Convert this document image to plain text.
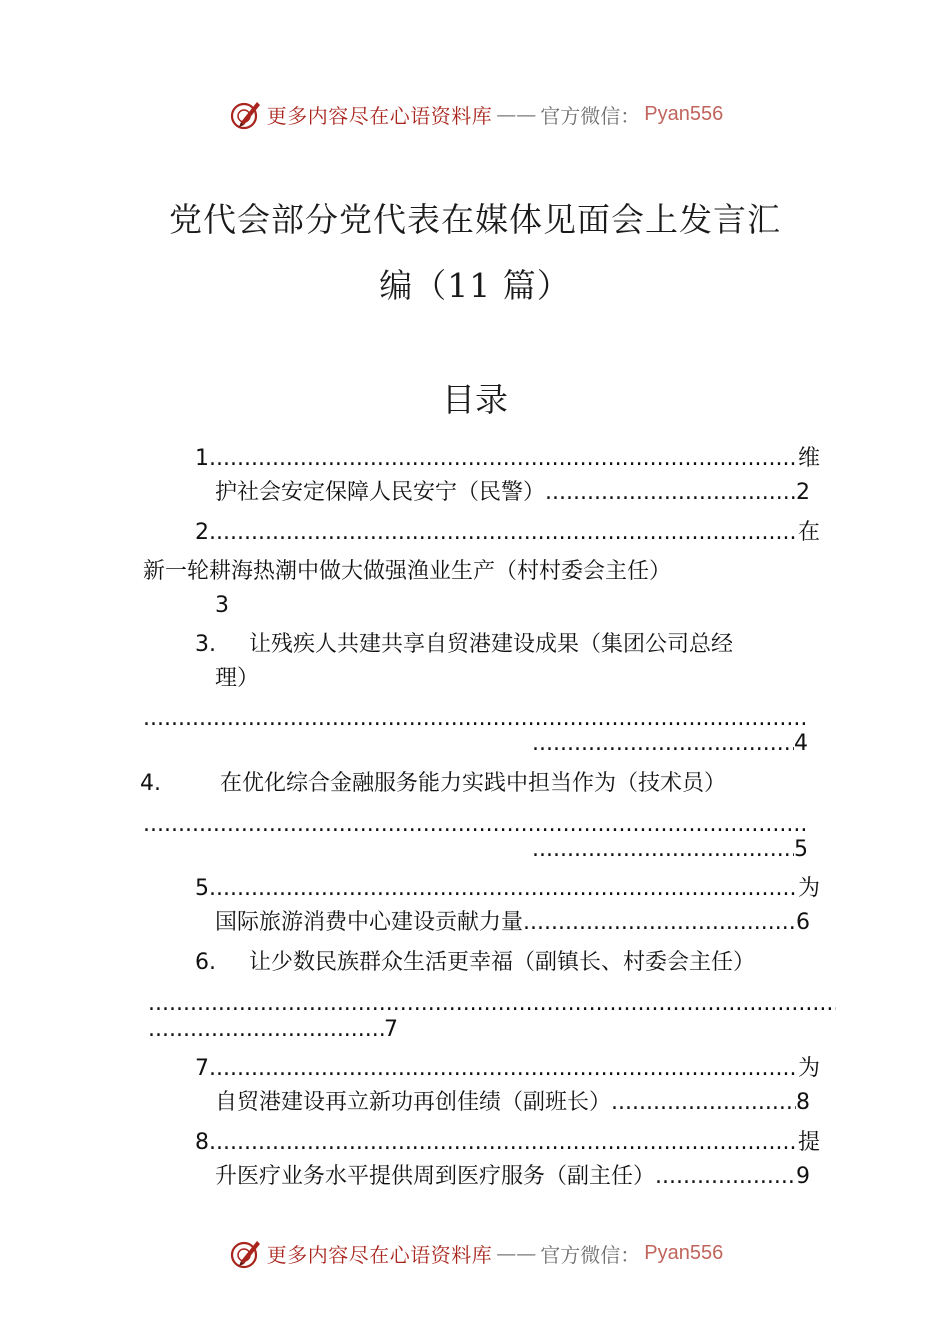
更多内容尽在心语资料库 —— 官方微信： Pyan556
党代会部分党代表在媒体见面会上发言汇
编（11 篇）
目录
1. .....	维
护社会安定保障人民安宁（民警） .....	2
2. .....	在
新一轮耕海热潮中做大做强渔业生产（村村委会主任）
3
3. 让残疾人共建共享自贸港建设成果（集团公司总经
理）
.....
.....
4
4.	在优化综合金融服务能力实践中担当作为（技术员）
.....
.....
5
5. .....	为
国际旅游消费中心建设贡献力量 .....	6
6. 让少数民族群众生活更幸福（副镇长、村委会主任）
.....
.....
7
7. .....	为
自贸港建设再立新功再创佳绩（副班长） .....	8
8. .....	提
升医疗业务水平提供周到医疗服务（副主任） .....	9
更多内容尽在心语资料库 —— 官方微信： Pyan556
